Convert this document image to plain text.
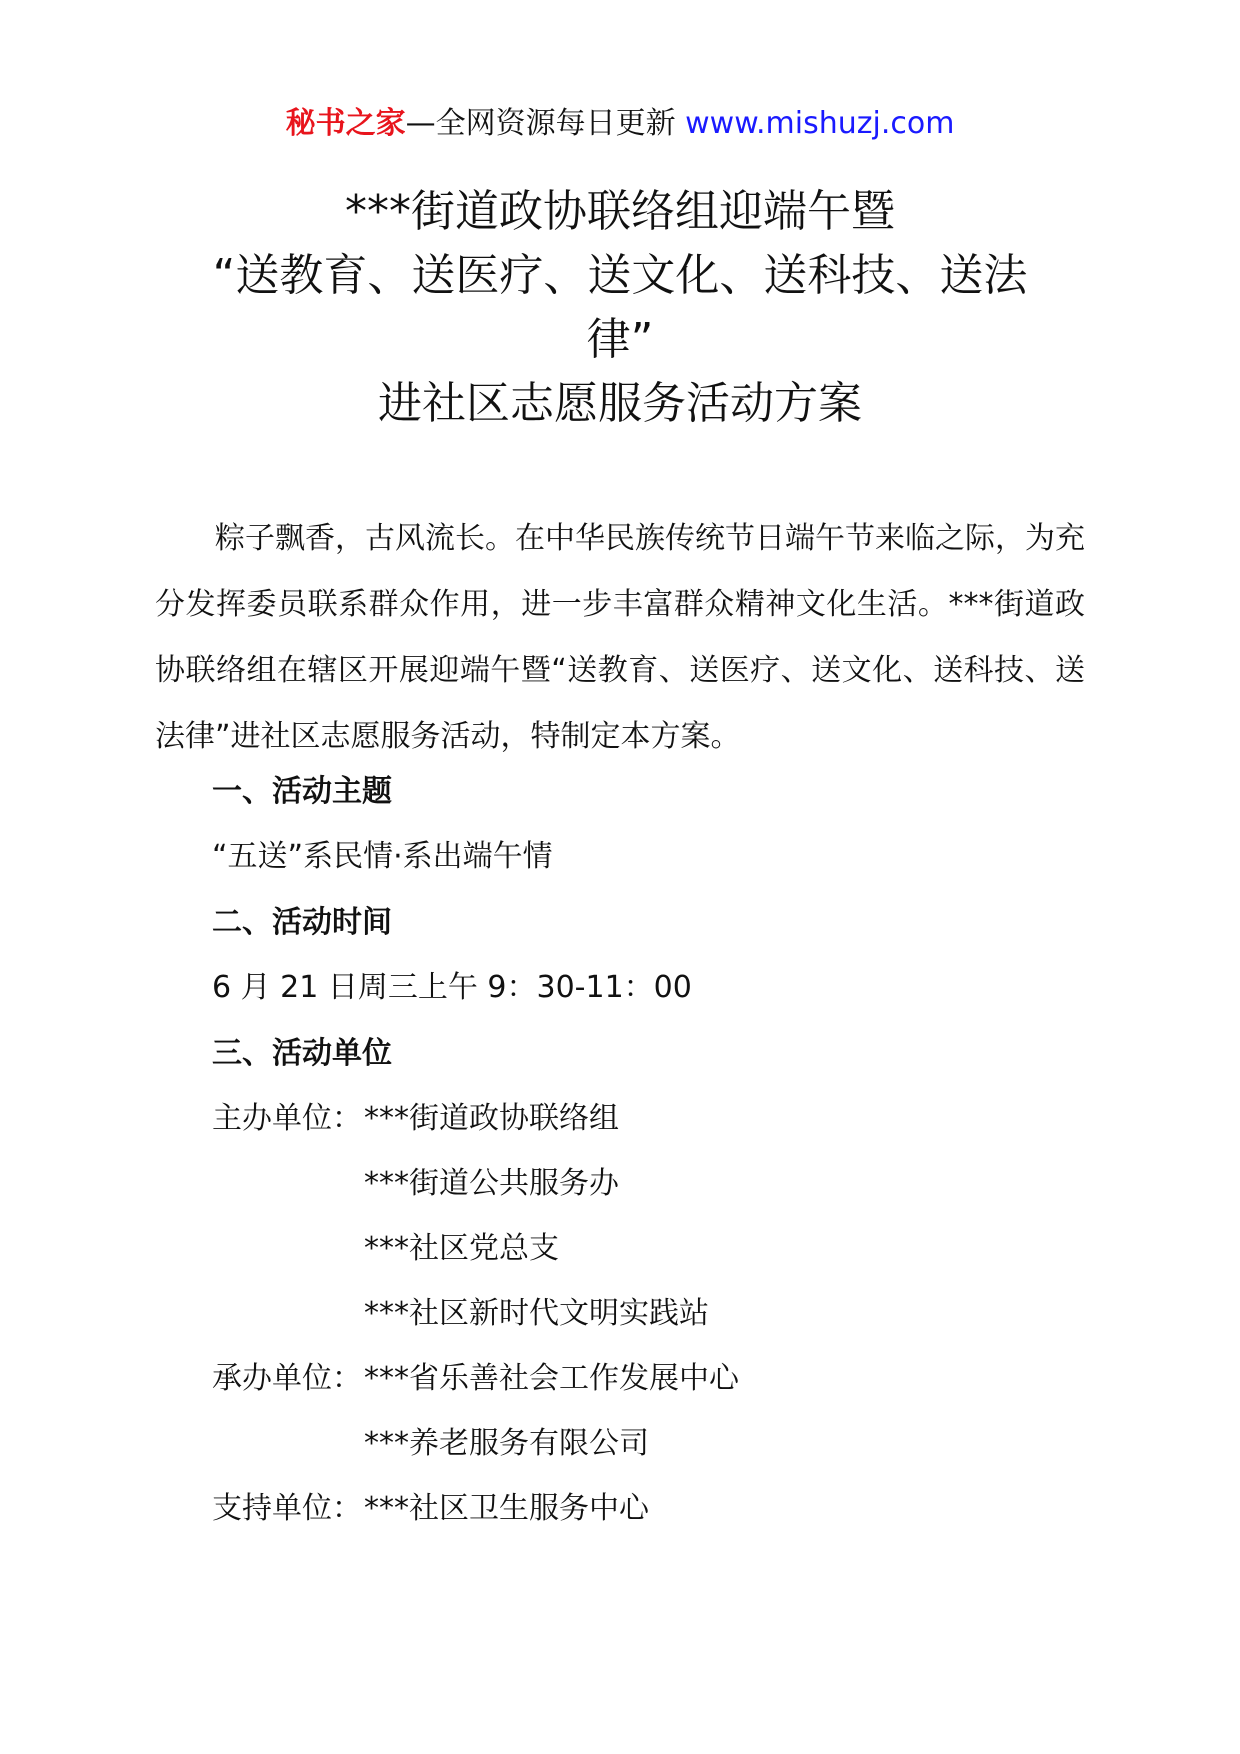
秘书之家—全网资源每日更新 www.mishuzj.com
***街道政协联络组迎端午暨
“送教育、送医疗、送文化、送科技、送法
律”
进社区志愿服务活动方案
粽子飘香，古风流长。在中华民族传统节日端午节来临之际，为充分发挥委员联系群众作用，进一步丰富群众精神文化生活。***街道政协联络组在辖区开展迎端午暨“送教育、送医疗、送文化、送科技、送法律”进社区志愿服务活动，特制定本方案。
一、活动主题
“五送”系民情·系出端午情
二、活动时间
6 月 21 日周三上午 9：30-11：00
三、活动单位
主办单位： ***街道政协联络组
***街道公共服务办
***社区党总支
***社区新时代文明实践站
承办单位： ***省乐善社会工作发展中心
***养老服务有限公司
支持单位： ***社区卫生服务中心
